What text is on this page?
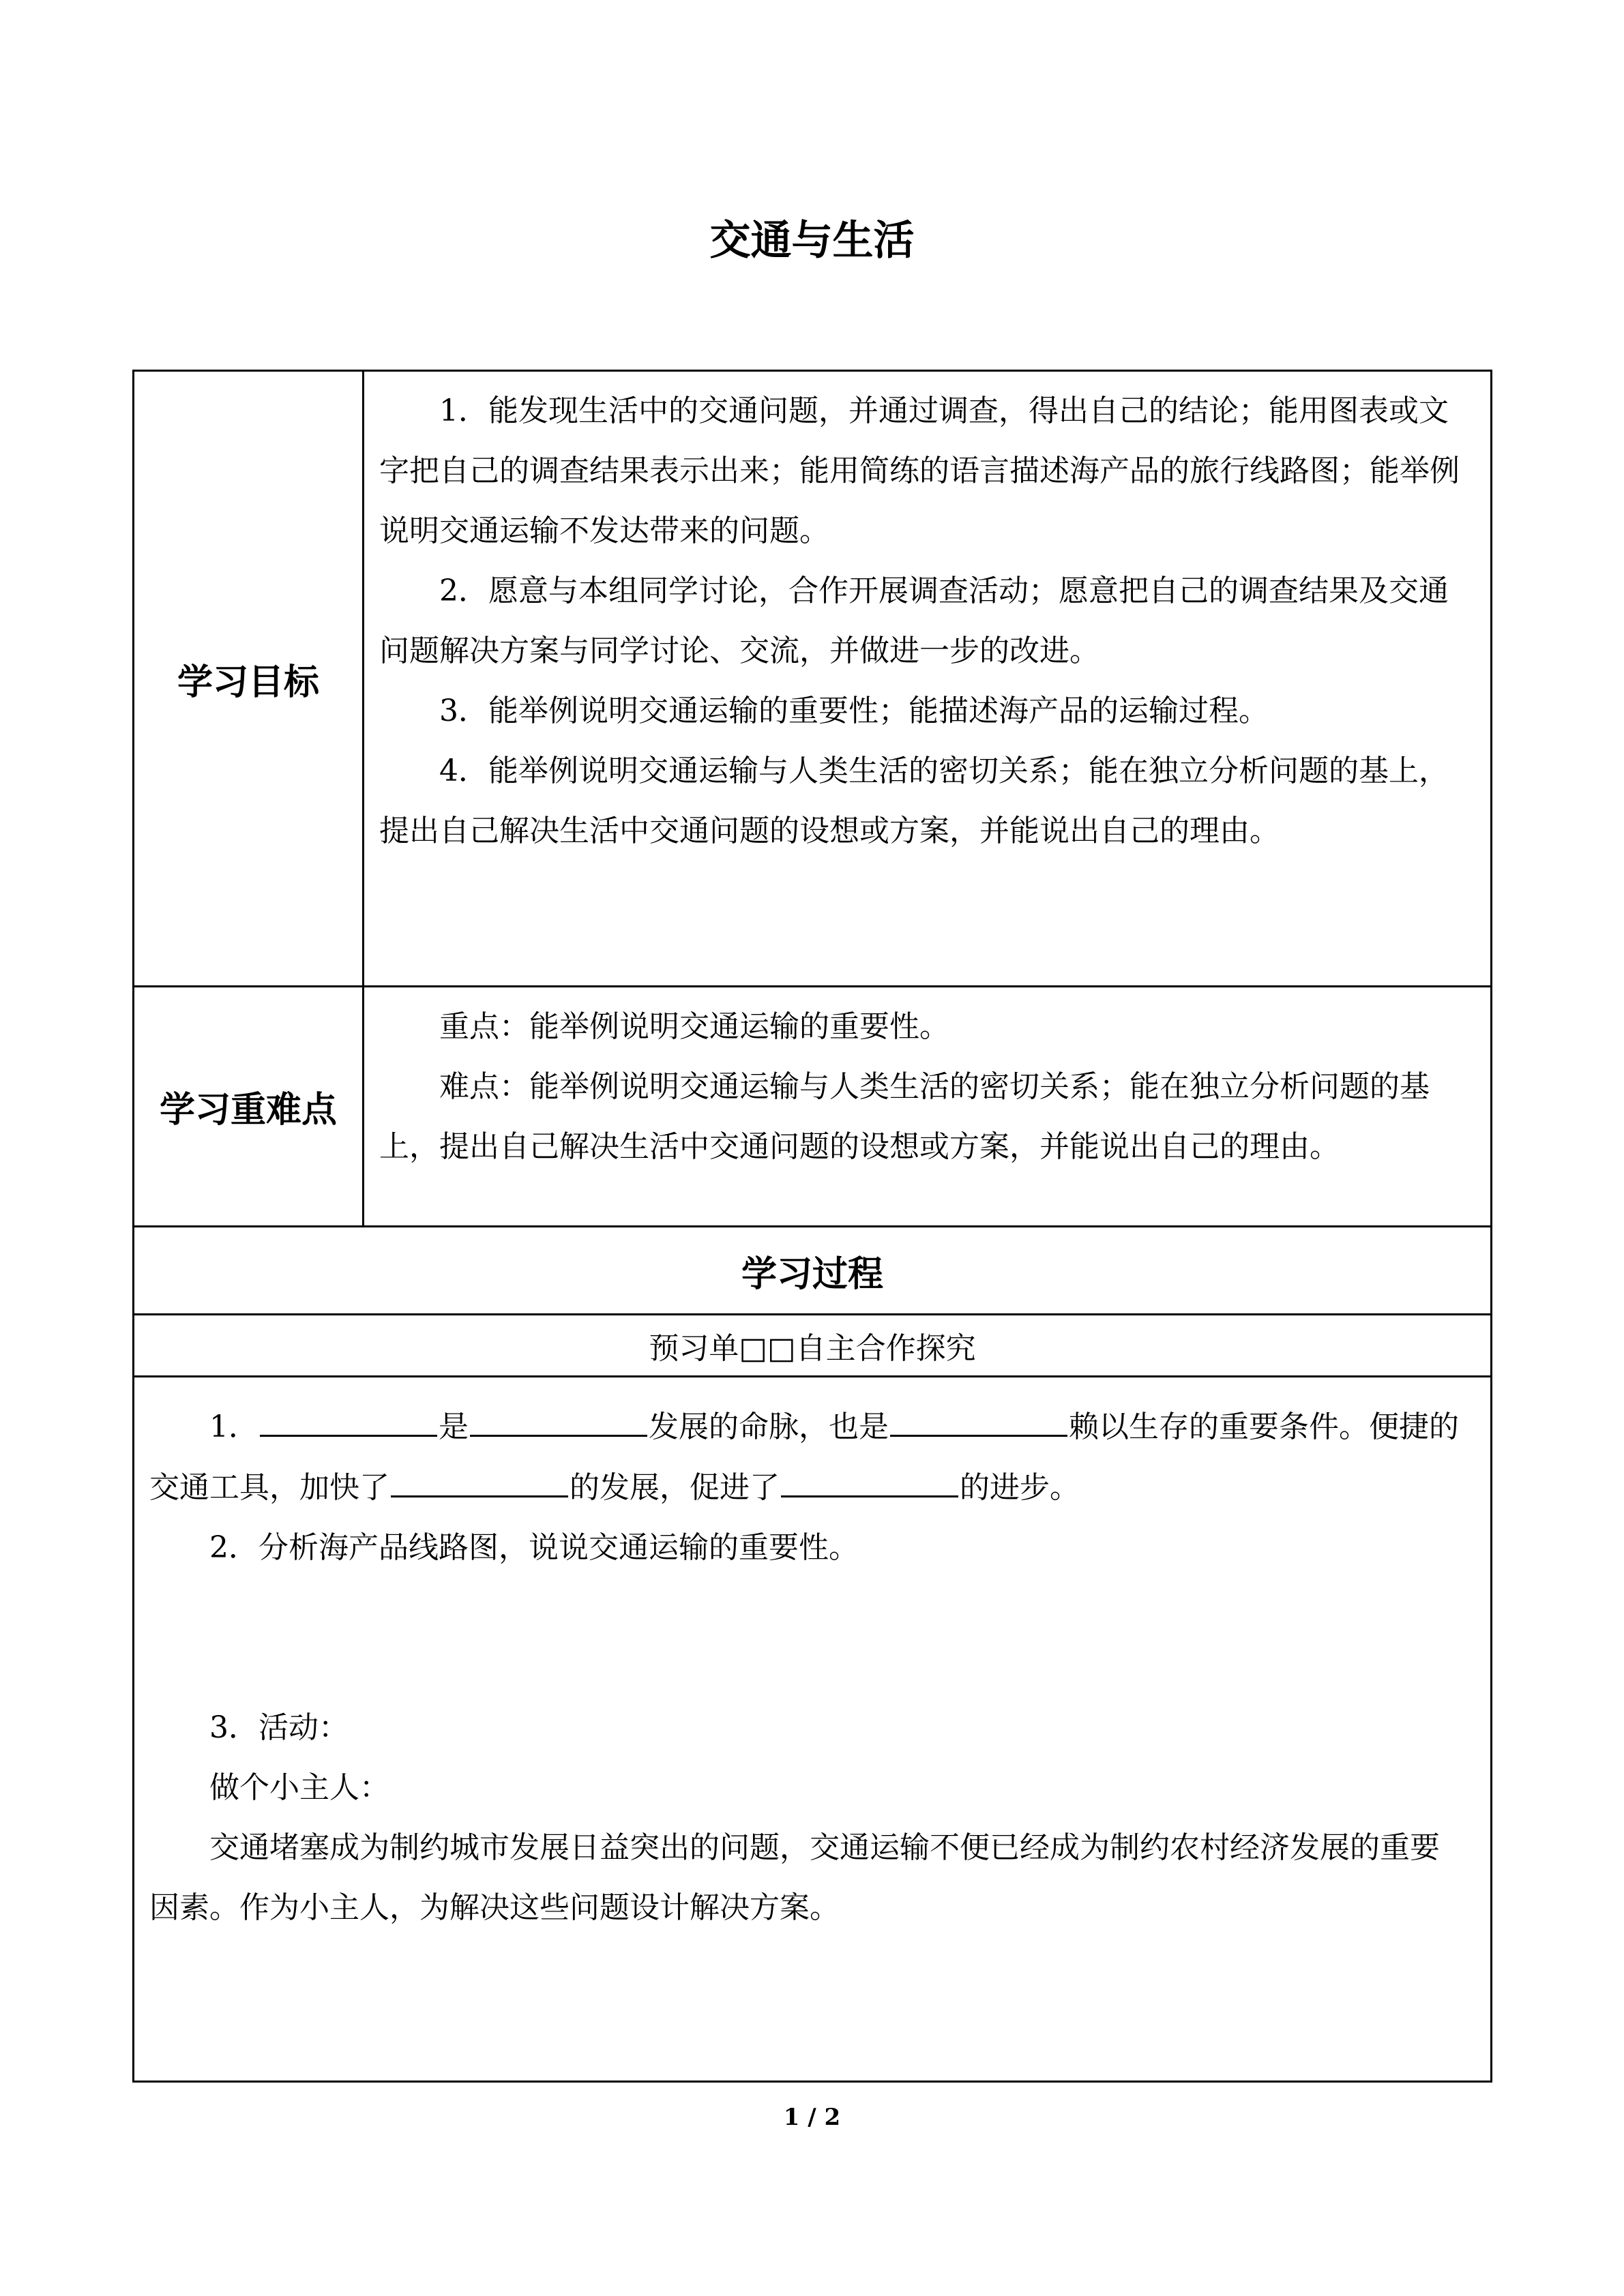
交通与生活
学习目标	1．能发现生活中的交通问题，并通过调查，得出自己的结论；能用图表或文字把自己的调查结果表示出来；能用简练的语言描述海产品的旅行线路图；能举例说明交通运输不发达带来的问题。

2．愿意与本组同学讨论，合作开展调查活动；愿意把自己的调查结果及交通问题解决方案与同学讨论、交流，并做进一步的改进。

3．能举例说明交通运输的重要性；能描述海产品的运输过程。

4．能举例说明交通运输与人类生活的密切关系；能在独立分析问题的基上，提出自己解决生活中交通问题的设想或方案，并能说出自己的理由。

学习重难点	重点：能举例说明交通运输的重要性。

难点：能举例说明交通运输与人类生活的密切关系；能在独立分析问题的基上，提出自己解决生活中交通问题的设想或方案，并能说出自己的理由。

学习过程	
预习单□□自主合作探究	

1． 是 发展的命脉，也是 赖以生存的重要条件。便捷的交通工具，加快了 的发展，促进了 的进步。

2．分析海产品线路图，说说交通运输的重要性。

3．活动：

做个小主人：

交通堵塞成为制约城市发展日益突出的问题，交通运输不便已经成为制约农村经济发展的重要因素。作为小主人，为解决这些问题设计解决方案。	

1 / 2
